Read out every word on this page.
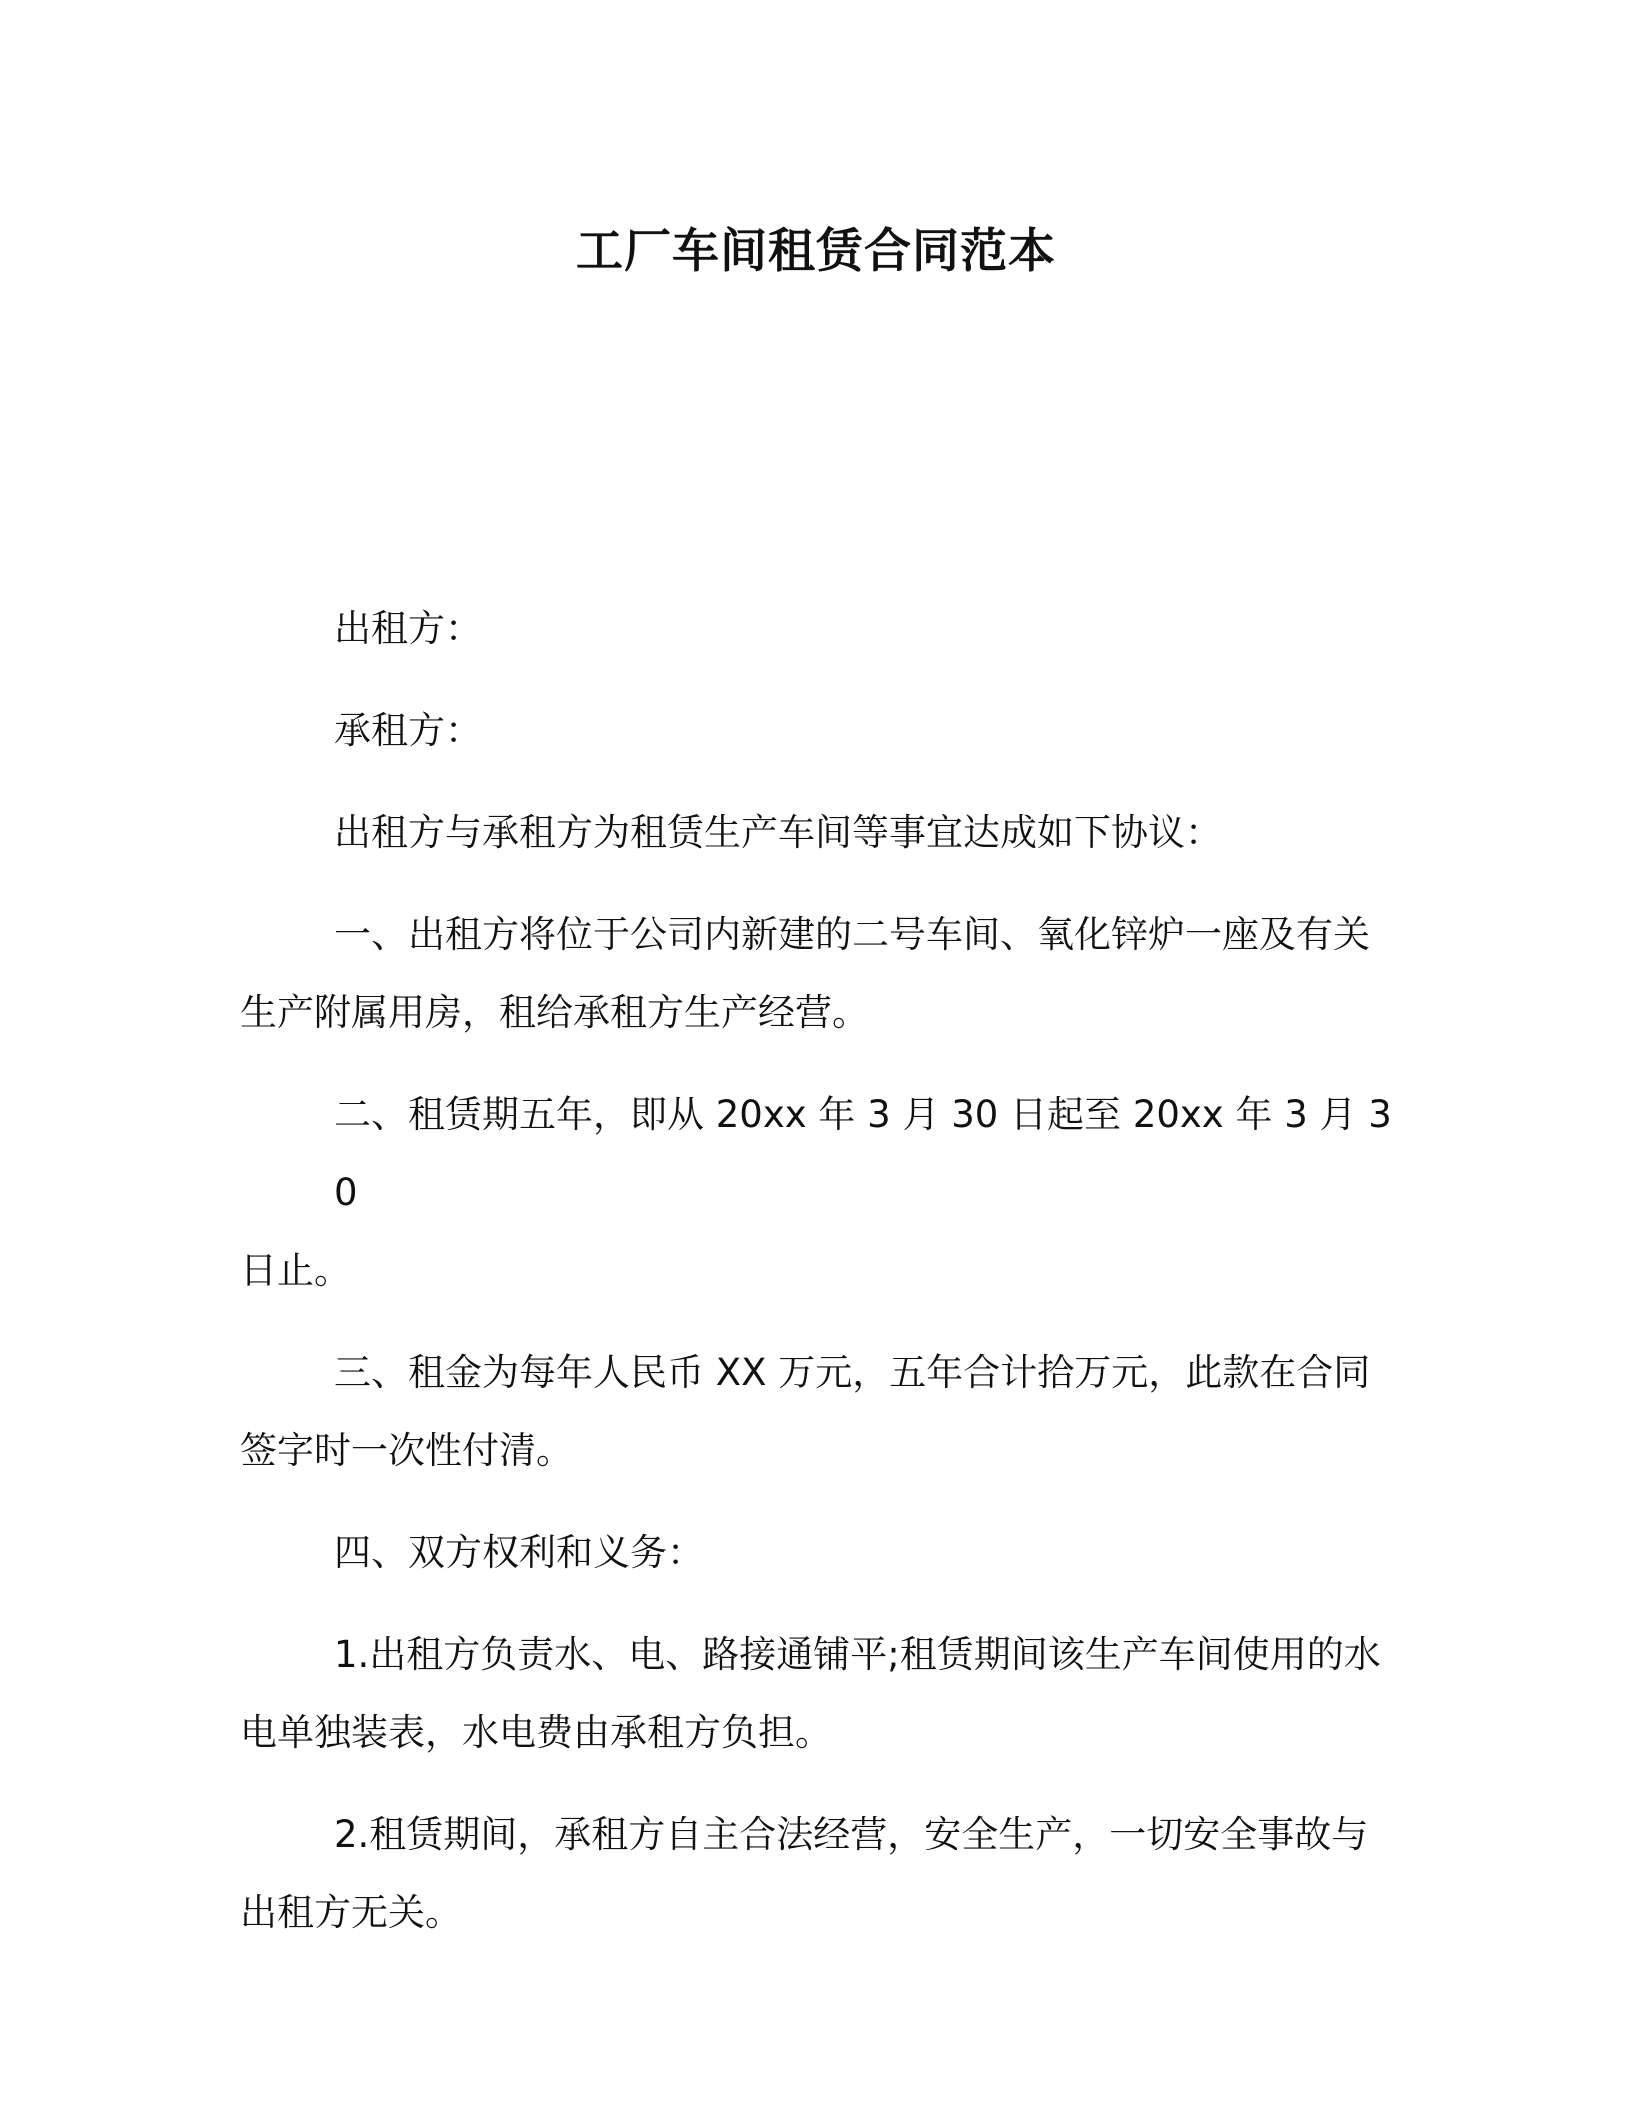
工厂车间租赁合同范本

出租方：

承租方：

出租方与承租方为租赁生产车间等事宜达成如下协议：

一、出租方将位于公司内新建的二号车间、氧化锌炉一座及有关
生产附属用房，租给承租方生产经营。

二、租赁期五年，即从 20xx 年 3 月 30 日起至 20xx 年 3 月 30
日止。

三、租金为每年人民币 XX 万元，五年合计拾万元，此款在合同
签字时一次性付清。

四、双方权利和义务：

1.出租方负责水、电、路接通铺平;租赁期间该生产车间使用的水
电单独装表，水电费由承租方负担。

2.租赁期间，承租方自主合法经营，安全生产，一切安全事故与
出租方无关。
